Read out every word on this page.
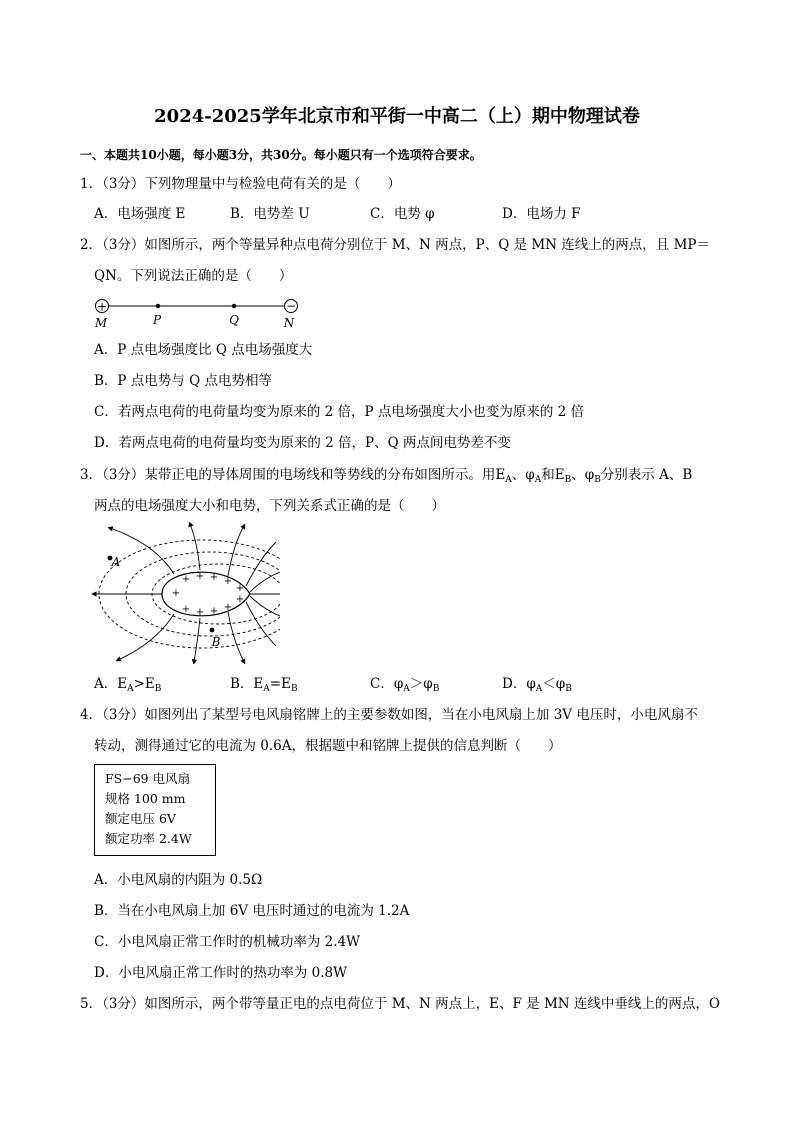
2024-2025学年北京市和平街一中高二（上）期中物理试卷
一、本题共10小题，每小题3分，共30分。每小题只有一个选项符合要求。
1．（3分）下列物理量中与检验电荷有关的是（　　）
A．电场强度 E	B．电势差 U	C．电势 φ	D．电场力 F
2．（3分）如图所示，两个等量异种点电荷分别位于 M、N 两点，P、Q 是 MN 连线上的两点，且 MP＝
QN。下列说法正确的是（　　）
+	−
M	P	Q	N
A．P 点电场强度比 Q 点电场强度大
B．P 点电势与 Q 点电势相等
C．若两点电荷的电荷量均变为原来的 2 倍，P 点电场强度大小也变为原来的 2 倍
D．若两点电荷的电荷量均变为原来的 2 倍，P、Q 两点间电势差不变
3．（3分）某带正电的导体周围的电场线和等势线的分布如图所示。用$E_A$、$\varphi_A$和$E_B$、$\varphi_B$分别表示 A、B
两点的电场强度大小和电势，下列关系式正确的是（　　）
+
+
+
+
+
+
+
+
+
+
+
A
B
A．$E_A>E_B$	B．$E_A=E_B$	C．$\varphi_A>\varphi_B$	D．$\varphi_A<\varphi_B$
4．（3分）如图列出了某型号电风扇铭牌上的主要参数如图，当在小电风扇上加 3V 电压时，小电风扇不
转动，测得通过它的电流为 0.6A，根据题中和铭牌上提供的信息判断（　　）
FS−69 电风扇
规格 100 mm
额定电压 6V
额定功率 2.4W
A．小电风扇的内阻为 0.5Ω
B．当在小电风扇上加 6V 电压时通过的电流为 1.2A
C．小电风扇正常工作时的机械功率为 2.4W
D．小电风扇正常工作时的热功率为 0.8W
5．（3分）如图所示，两个带等量正电的点电荷位于 M、N 两点上，E、F 是 MN 连线中垂线上的两点，O
